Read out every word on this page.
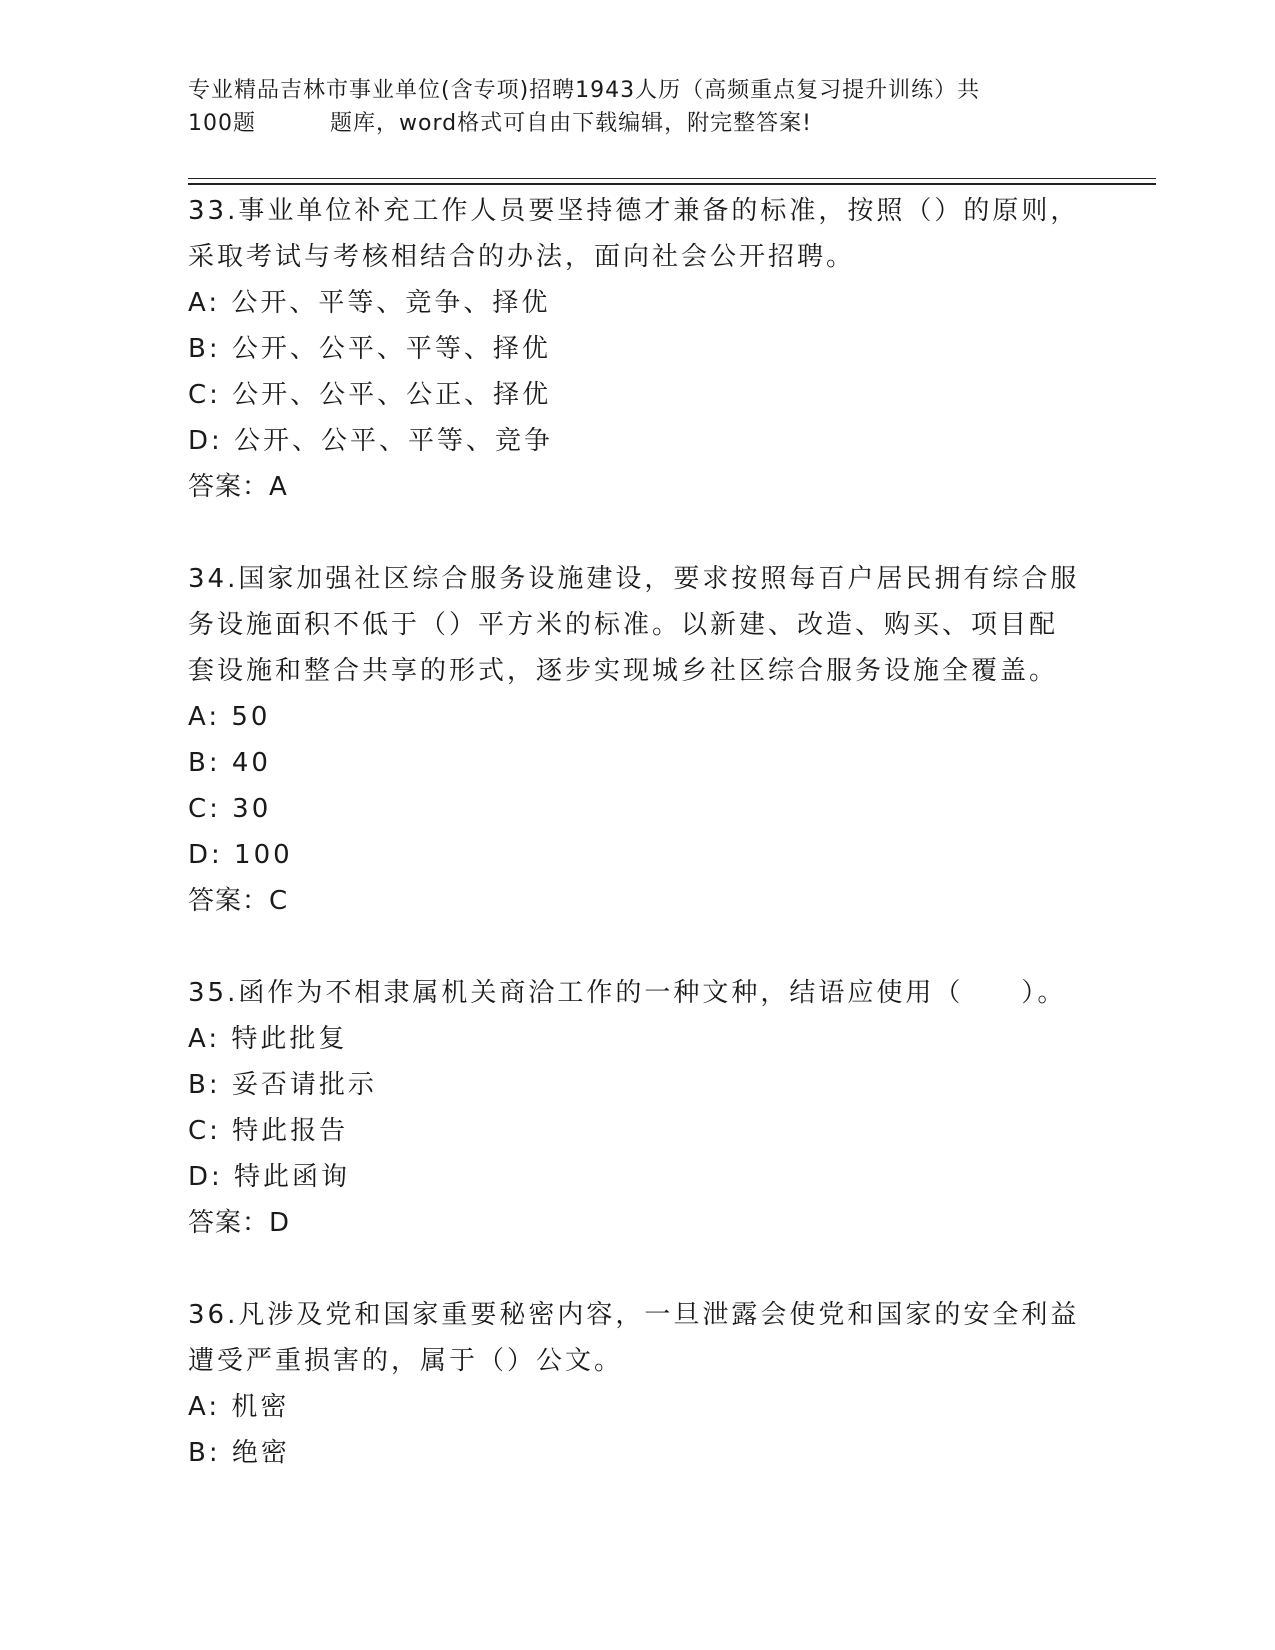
专业精品吉林市事业单位(含专项)招聘1943人历（高频重点复习提升训练）共
100题	题库，word格式可自由下载编辑，附完整答案!
33.事业单位补充工作人员要坚持德才兼备的标准，按照（）的原则，
采取考试与考核相结合的办法，面向社会公开招聘。
A: 公开、平等、竞争、择优
B: 公开、公平、平等、择优
C: 公开、公平、公正、择优
D: 公开、公平、平等、竞争
答案：A
34.国家加强社区综合服务设施建设，要求按照每百户居民拥有综合服
务设施面积不低于（）平方米的标准。以新建、改造、购买、项目配
套设施和整合共享的形式，逐步实现城乡社区综合服务设施全覆盖。
A: 50
B: 40
C: 30
D: 100
答案：C
35.函作为不相隶属机关商洽工作的一种文种，结语应使用（　　）。
A: 特此批复
B: 妥否请批示
C: 特此报告
D: 特此函询
答案：D
36.凡涉及党和国家重要秘密内容，一旦泄露会使党和国家的安全利益
遭受严重损害的，属于（）公文。
A: 机密
B: 绝密
